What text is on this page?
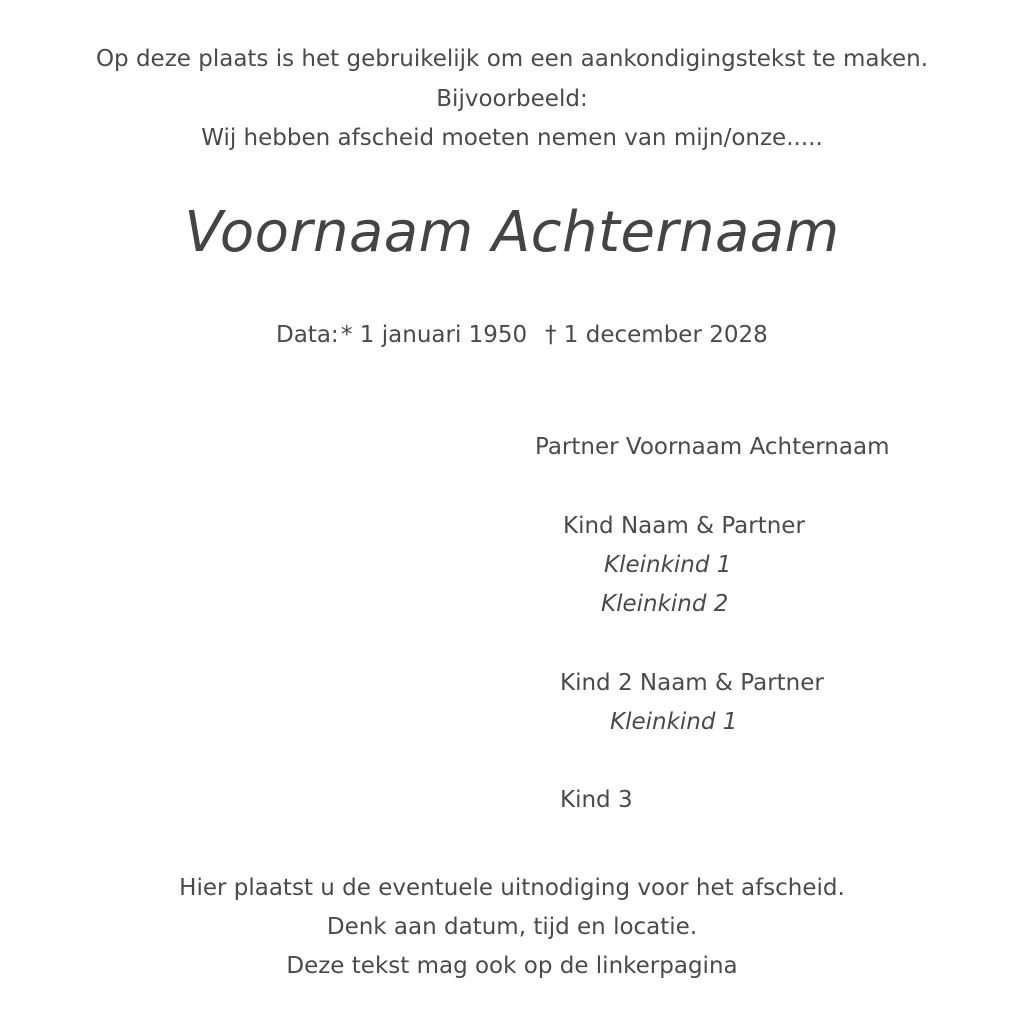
Op deze plaats is het gebruikelijk om een aankondigingstekst te maken.
Bijvoorbeeld:
Wij hebben afscheid moeten nemen van mijn/onze.....
Voornaam Achternaam
Data: * 1 januari 1950 † 1 december 2028
Partner Voornaam Achternaam
Kind Naam & Partner
Kleinkind 1
Kleinkind 2
Kind 2 Naam & Partner
Kleinkind 1
Kind 3
Hier plaatst u de eventuele uitnodiging voor het afscheid.
Denk aan datum, tijd en locatie.
Deze tekst mag ook op de linkerpagina
